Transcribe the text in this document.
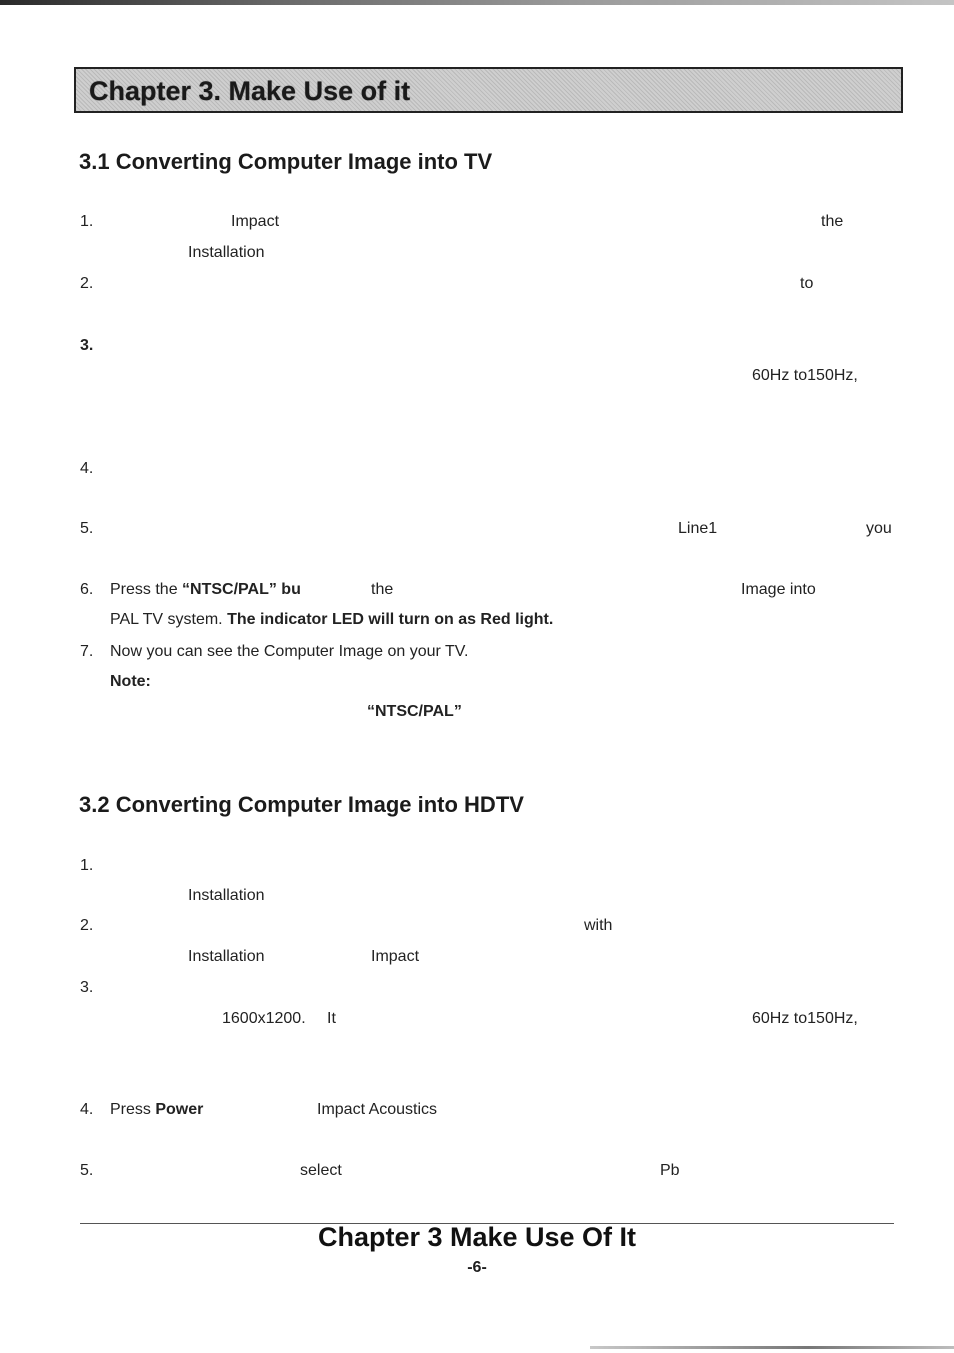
Chapter 3. Make Use of it
3.1 Converting Computer Image into TV
1.	Impact	the
Installation
2.	to
3.
60Hz to150Hz,
4.
5.	Line1	you
6. Press the “NTSC/PAL” bu	the	Image into
PAL TV system. The indicator LED will turn on as Red light.
7. Now you can see the Computer Image on your TV.
Note:
“NTSC/PAL”
3.2 Converting Computer Image into HDTV
1.
Installation
2.	with
Installation	Impact
3.
1600x1200. It	60Hz to150Hz,
4. Press Power	Impact Acoustics
5.	select	Pb
Chapter 3 Make Use Of It
-6-
